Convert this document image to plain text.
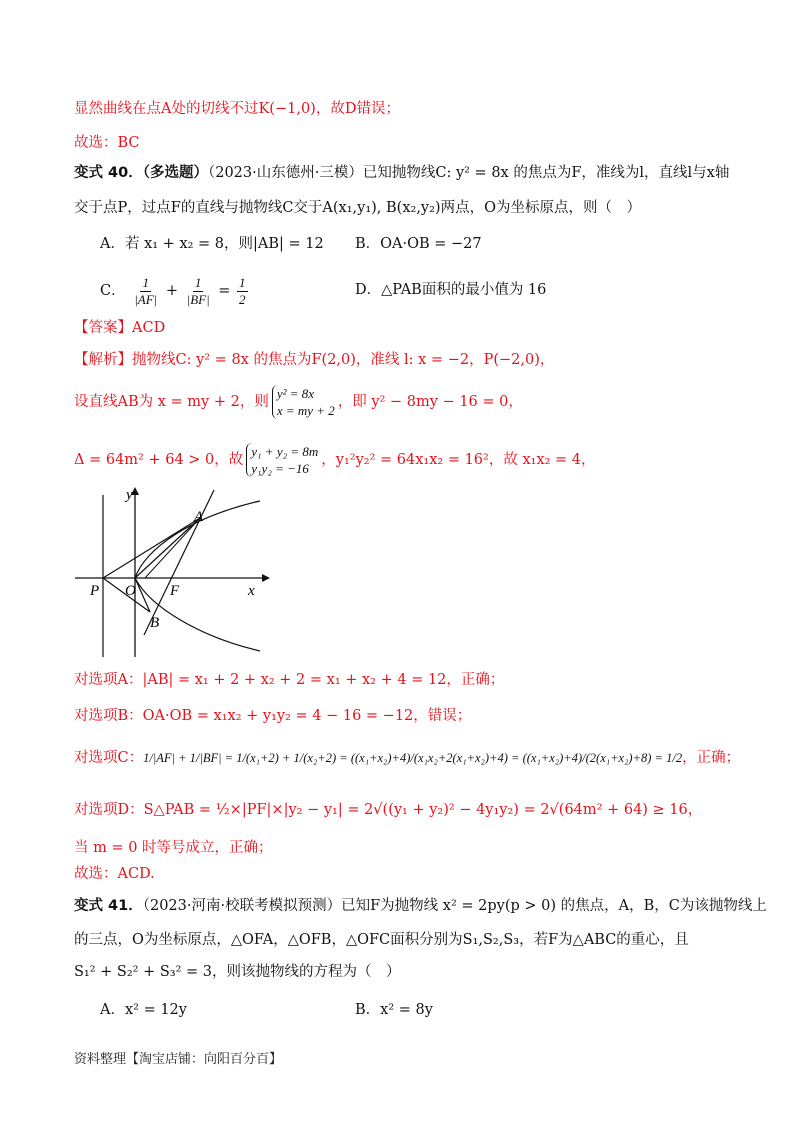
显然曲线在点A处的切线不过K(−1,0)，故D错误；
故选：BC
变式 40．（多选题）（2023·山东德州·三模）已知抛物线C: y² = 8x 的焦点为F，准线为l，直线l与x轴
交于点P，过点F的直线与抛物线C交于A(x₁,y₁), B(x₂,y₂)两点，O为坐标原点，则（　）
A．若 x₁ + x₂ = 8，则|AB| = 12 B．OA·OB = −27
C． $\frac{1}{|AF|} + \frac{1}{|BF|} = \frac{1}{2}$	D．△PAB面积的最小值为 16
【答案】ACD
【解析】抛物线C: y² = 8x 的焦点为F(2,0)，准线 l: x = −2，P(−2,0)，
设直线AB为 x = my + 2，则y² = 8x
x = my + 2，即 y² − 8my − 16 = 0，
Δ = 64m² + 64 > 0，故y₁ + y₂ = 8m
y₁y₂ = −16，y₁²y₂² = 64x₁x₂ = 16²，故 x₁x₂ = 4，
y
A
P O F	x
B
对选项A：|AB| = x₁ + 2 + x₂ + 2 = x₁ + x₂ + 4 = 12，正确；
对选项B：OA·OB = x₁x₂ + y₁y₂ = 4 − 16 = −12，错误；
对选项C：1/|AF| + 1/|BF| = 1/(x₁+2) + 1/(x₂+2) = ((x₁+x₂)+4)/(x₁x₂+2(x₁+x₂)+4) = ((x₁+x₂)+4)/(2(x₁+x₂)+8) = 1/2，正确；
对选项D：S△PAB = ½×|PF|×|y₂ − y₁| = 2√((y₁ + y₂)² − 4y₁y₂) = 2√(64m² + 64) ≥ 16，
当 m = 0 时等号成立，正确；
故选：ACD.
变式 41．（2023·河南·校联考模拟预测）已知F为抛物线 x² = 2py(p > 0) 的焦点，A，B，C为该抛物线上
的三点，O为坐标原点，△OFA，△OFB，△OFC面积分别为S₁,S₂,S₃，若F为△ABC的重心，且
S₁² + S₂² + S₃² = 3，则该抛物线的方程为（　）
A．x² = 12y	B．x² = 8y
资料整理【淘宝店铺：向阳百分百】
